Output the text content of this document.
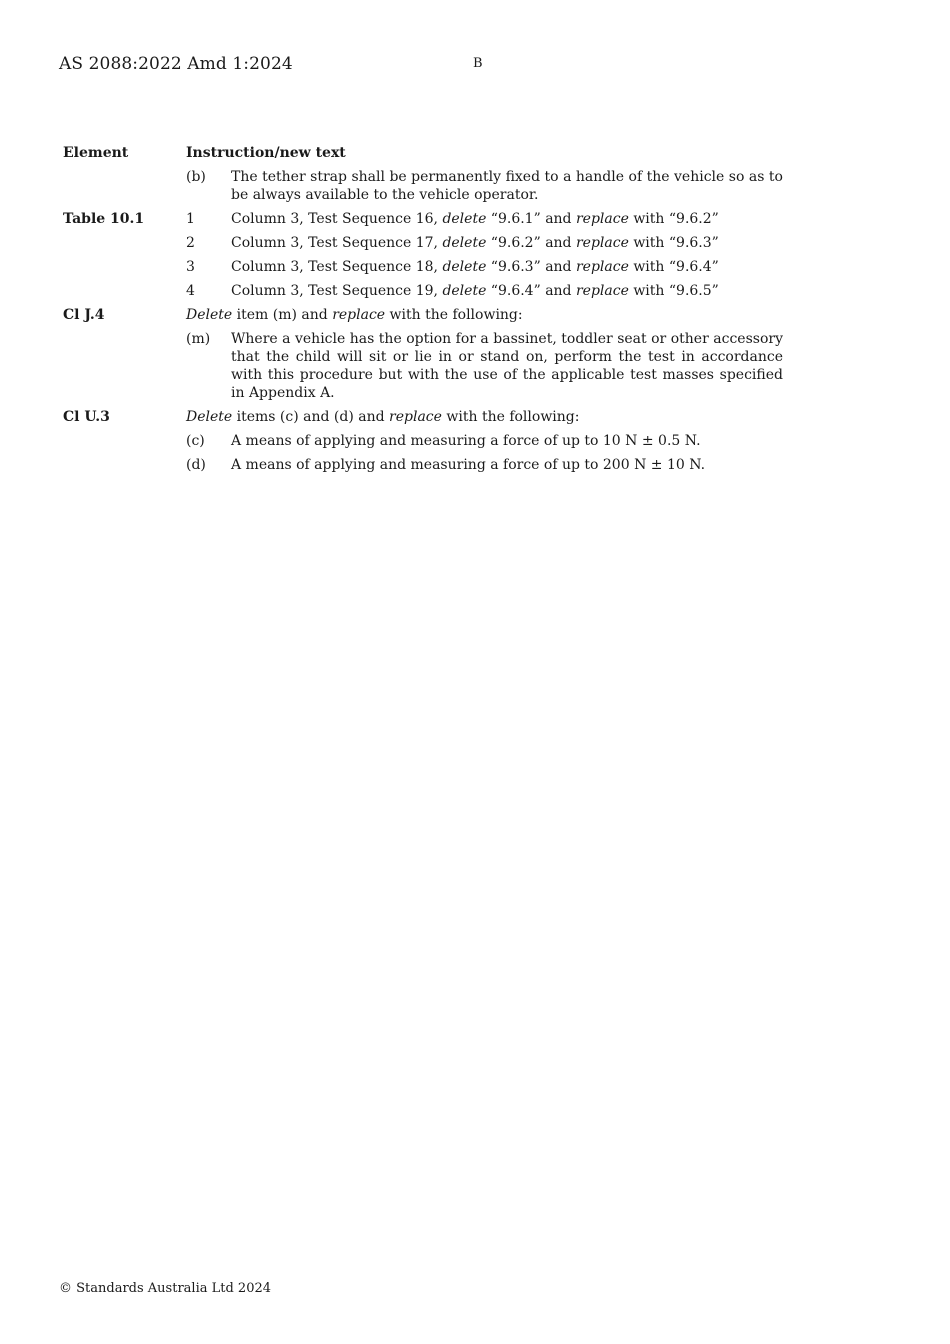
AS 2088:2022 Amd 1:2024	B
Element	Instruction/new text
(b)	The tether strap shall be permanently fixed to a handle of the vehicle so as to be always available to the vehicle operator.
Table 10.1	1	Column 3, Test Sequence 16, delete “9.6.1” and replace with “9.6.2”
2	Column 3, Test Sequence 17, delete “9.6.2” and replace with “9.6.3”
3	Column 3, Test Sequence 18, delete “9.6.3” and replace with “9.6.4”
4	Column 3, Test Sequence 19, delete “9.6.4” and replace with “9.6.5”
Cl J.4	Delete item (m) and replace with the following:
(m)	Where a vehicle has the option for a bassinet, toddler seat or other accessory that the child will sit or lie in or stand on, perform the test in accordance with this procedure but with the use of the applicable test masses specified in Appendix A.
Cl U.3	Delete items (c) and (d) and replace with the following:
(c)	A means of applying and measuring a force of up to 10 N ± 0.5 N.
(d)	A means of applying and measuring a force of up to 200 N ± 10 N.
© Standards Australia Ltd 2024
